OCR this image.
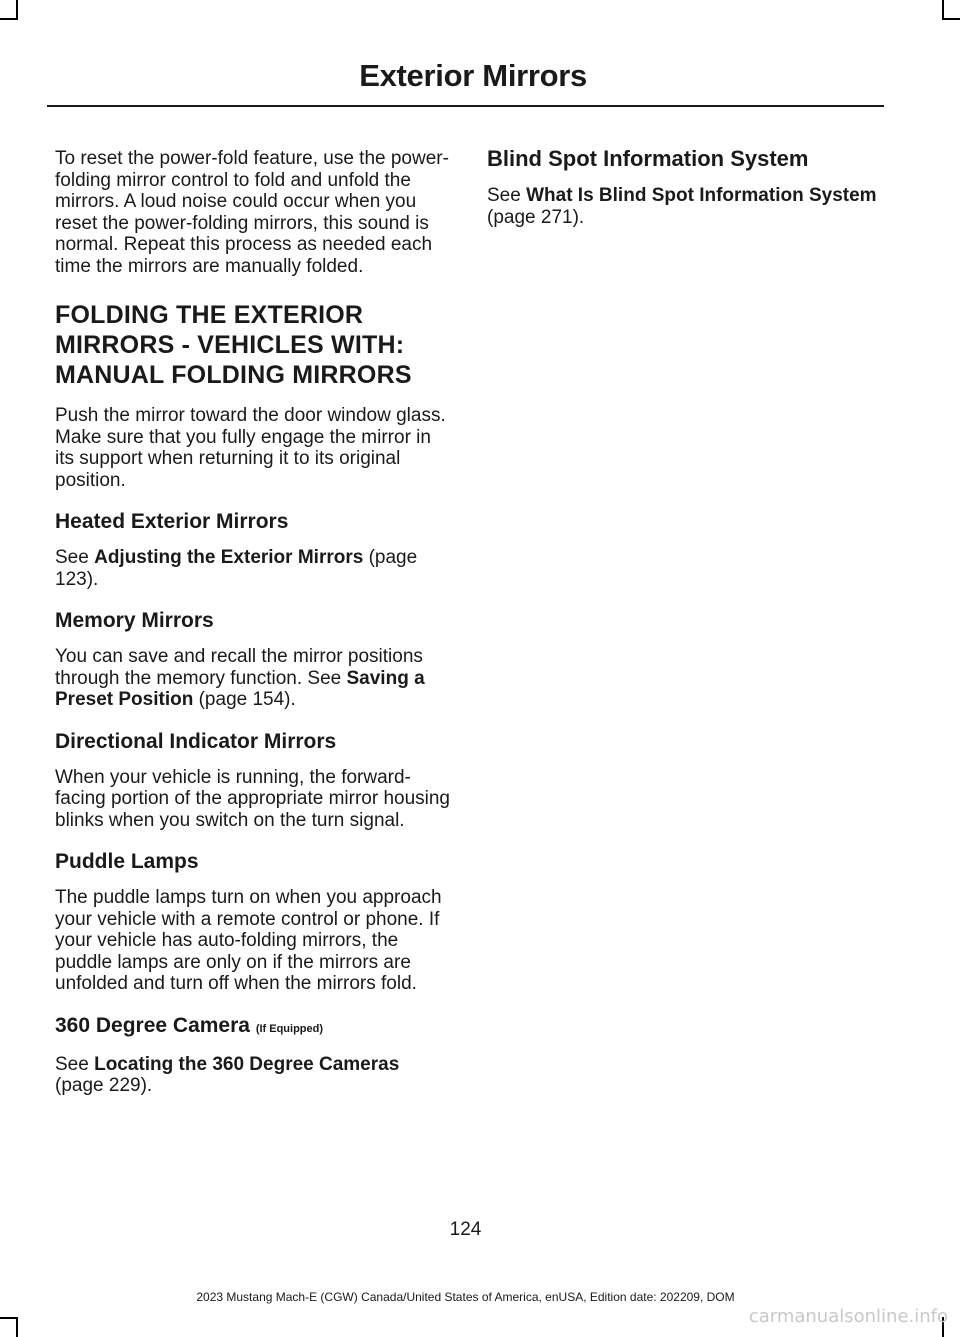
Exterior Mirrors

To reset the power-fold feature, use the power-folding mirror control to fold and unfold the mirrors. A loud noise could occur when you reset the power-folding mirrors, this sound is normal. Repeat this process as needed each time the mirrors are manually folded.

FOLDING THE EXTERIOR
MIRRORS - VEHICLES WITH:
MANUAL FOLDING MIRRORS

Push the mirror toward the door window glass. Make sure that you fully engage the mirror in its support when returning it to its original position.

Heated Exterior Mirrors

See Adjusting the Exterior Mirrors (page 123).

Memory Mirrors

You can save and recall the mirror positions through the memory function. See Saving a Preset Position (page 154).

Directional Indicator Mirrors

When your vehicle is running, the forward-facing portion of the appropriate mirror housing blinks when you switch on the turn signal.

Puddle Lamps

The puddle lamps turn on when you approach your vehicle with a remote control or phone. If your vehicle has auto-folding mirrors, the puddle lamps are only on if the mirrors are unfolded and turn off when the mirrors fold.

360 Degree Camera (If Equipped)

See Locating the 360 Degree Cameras (page 229).

Blind Spot Information System

See What Is Blind Spot Information System (page 271).

124

2023 Mustang Mach-E (CGW) Canada/United States of America, enUSA, Edition date: 202209, DOM

carmanualsonline.info
